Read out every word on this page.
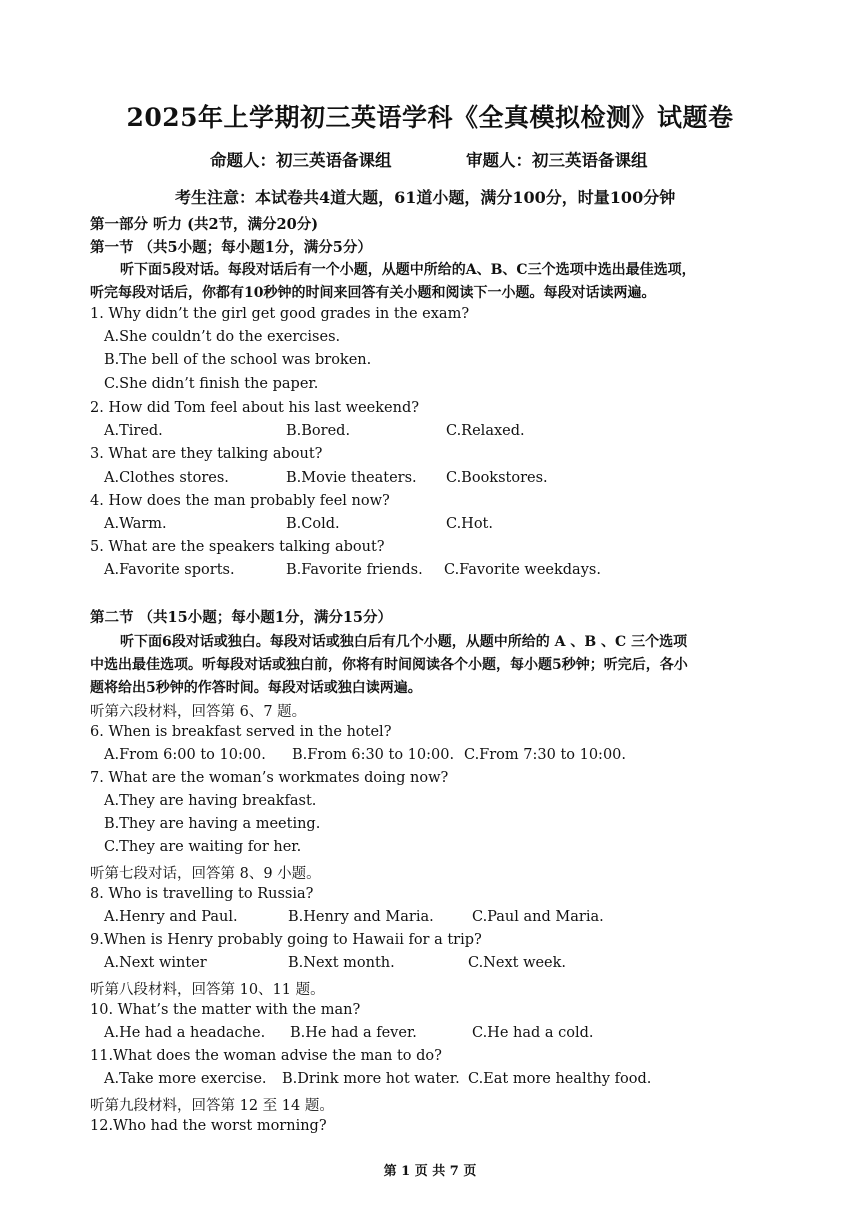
2025年上学期初三英语学科《全真模拟检测》试题卷
命题人：初三英语备课组	审题人：初三英语备课组
考生注意：本试卷共4道大题，61道小题，满分100分，时量100分钟
第一部分 听力 (共2节，满分20分)
第一节 （共5小题；每小题1分，满分5分）
听下面5段对话。每段对话后有一个小题，从题中所给的A、B、C三个选项中选出最佳选项，
听完每段对话后，你都有10秒钟的时间来回答有关小题和阅读下一小题。每段对话读两遍。
1. Why didn’t the girl get good grades in the exam?
A.She couldn’t do the exercises.
B.The bell of the school was broken.
C.She didn’t finish the paper.
2. How did Tom feel about his last weekend?
A.Tired.	B.Bored.	C.Relaxed.
3. What are they talking about?
A.Clothes stores.	B.Movie theaters. C.Bookstores.
4. How does the man probably feel now?
A.Warm.	B.Cold.	C.Hot.
5. What are the speakers talking about?
A.Favorite sports.	B.Favorite friends. C.Favorite weekdays.
第二节 （共15小题；每小题1分，满分15分）
听下面6段对话或独白。每段对话或独白后有几个小题，从题中所给的 A 、B 、C 三个选项
中选出最佳选项。听每段对话或独白前，你将有时间阅读各个小题，每小题5秒钟；听完后，各小
题将给出5秒钟的作答时间。每段对话或独白读两遍。
听第六段材料，回答第 6、7 题。
6. When is breakfast served in the hotel?
A.From 6:00 to 10:00. B.From 6:30 to 10:00. C.From 7:30 to 10:00.
7. What are the woman’s workmates doing now?
A.They are having breakfast.
B.They are having a meeting.
C.They are waiting for her.
听第七段对话，回答第 8、9 小题。
8. Who is travelling to Russia?
A.Henry and Paul.	B.Henry and Maria.	C.Paul and Maria.
9.When is Henry probably going to Hawaii for a trip?
A.Next winter	B.Next month.	C.Next week.
听第八段材料，回答第 10、11 题。
10. What’s the matter with the man?
A.He had a headache. B.He had a fever.	C.He had a cold.
11.What does the woman advise the man to do?
A.Take more exercise. B.Drink more hot water. C.Eat more healthy food.
听第九段材料，回答第 12 至 14 题。
12.Who had the worst morning?
第 1 页 共 7 页
